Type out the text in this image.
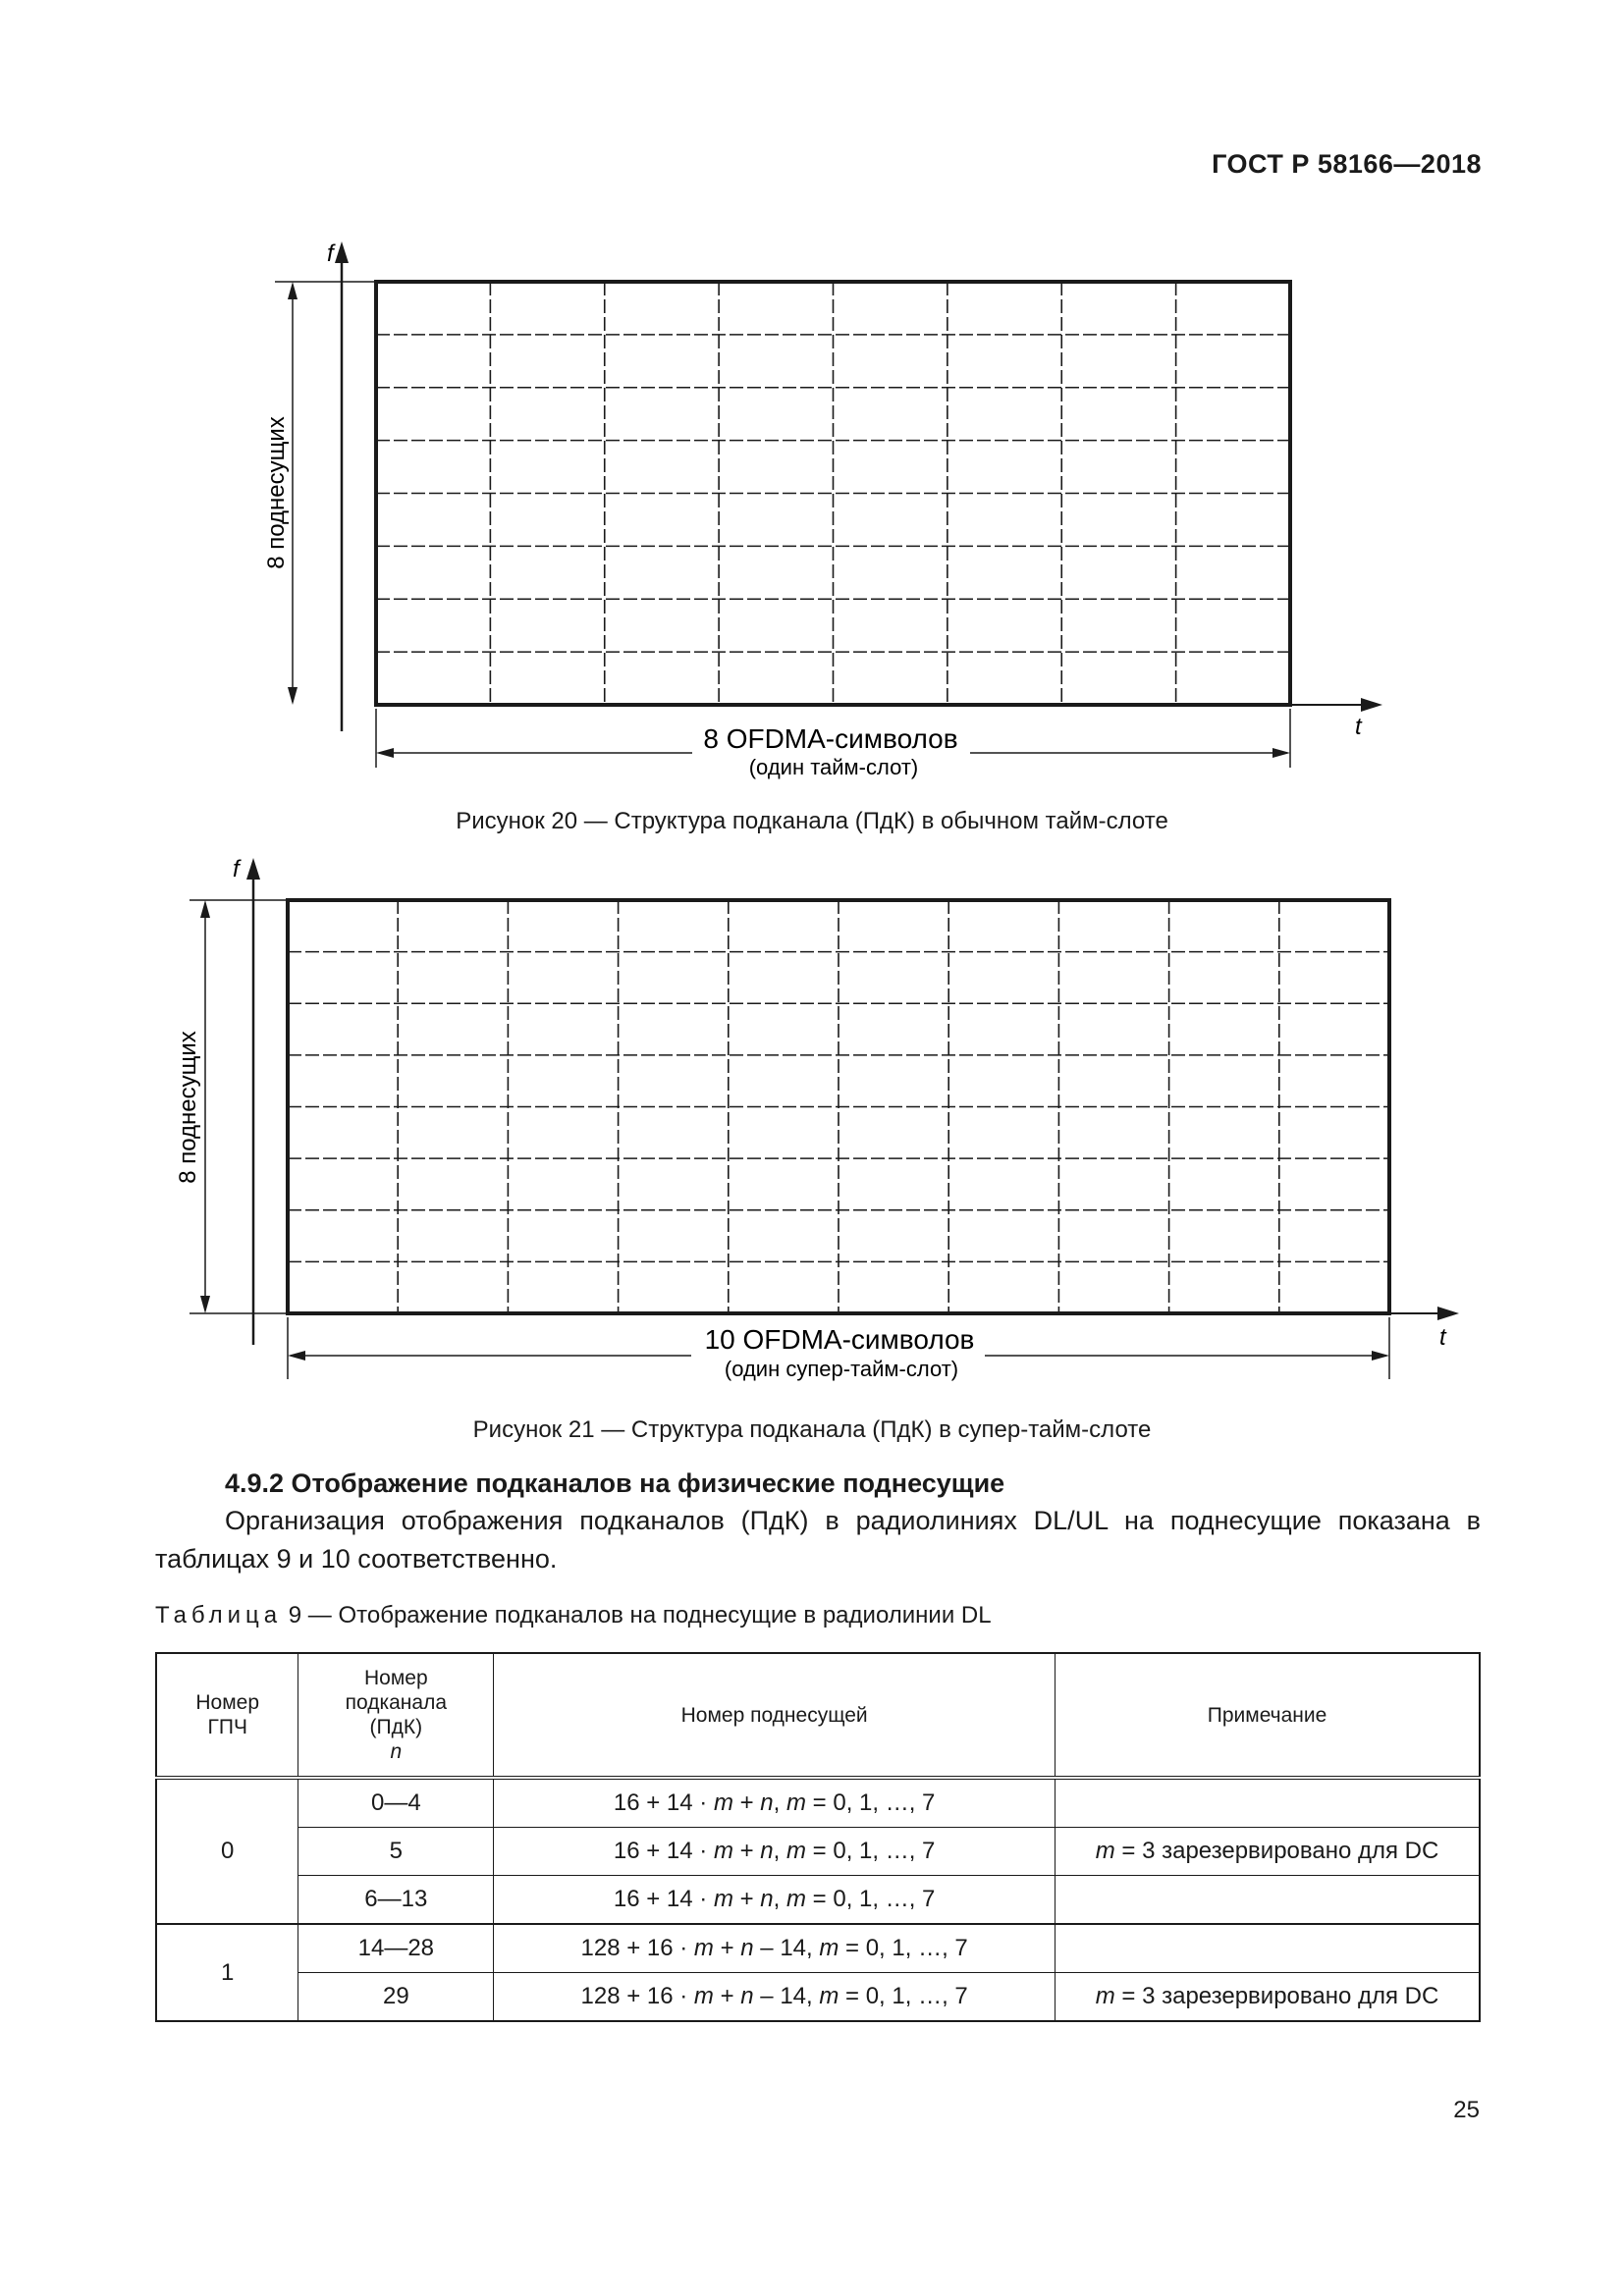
ГОСТ Р 58166—2018
f
t
8 поднесущих
8 OFDMA-символов
(один тайм-слот)
Рисунок 20 — Структура подканала (ПдК) в обычном тайм-слоте
f
t
8 поднесущих
10 OFDMA-символов
(один супер-тайм-слот)
Рисунок 21 — Структура подканала (ПдК) в супер-тайм-слоте
4.9.2 Отображение подканалов на физические поднесущие
Организация отображения подканалов (ПдК) в радиолиниях DL/UL на поднесущие показана в таблицах 9 и 10 соответственно.
Таблица 9 — Отображение подканалов на поднесущие в радиолинии DL
Номер ГПЧ	Номер
подканала
(ПдК)
n	Номер поднесущей	Примечание
0	0—4	16 + 14 · m + n, m = 0, 1, …, 7	
	5	16 + 14 · m + n, m = 0, 1, …, 7	m = 3 зарезервировано для DC
	6—13	16 + 14 · m + n, m = 0, 1, …, 7	
1	14—28	128 + 16 · m + n – 14, m = 0, 1, …, 7	
	29	128 + 16 · m + n – 14, m = 0, 1, …, 7	m = 3 зарезервировано для DC
25
